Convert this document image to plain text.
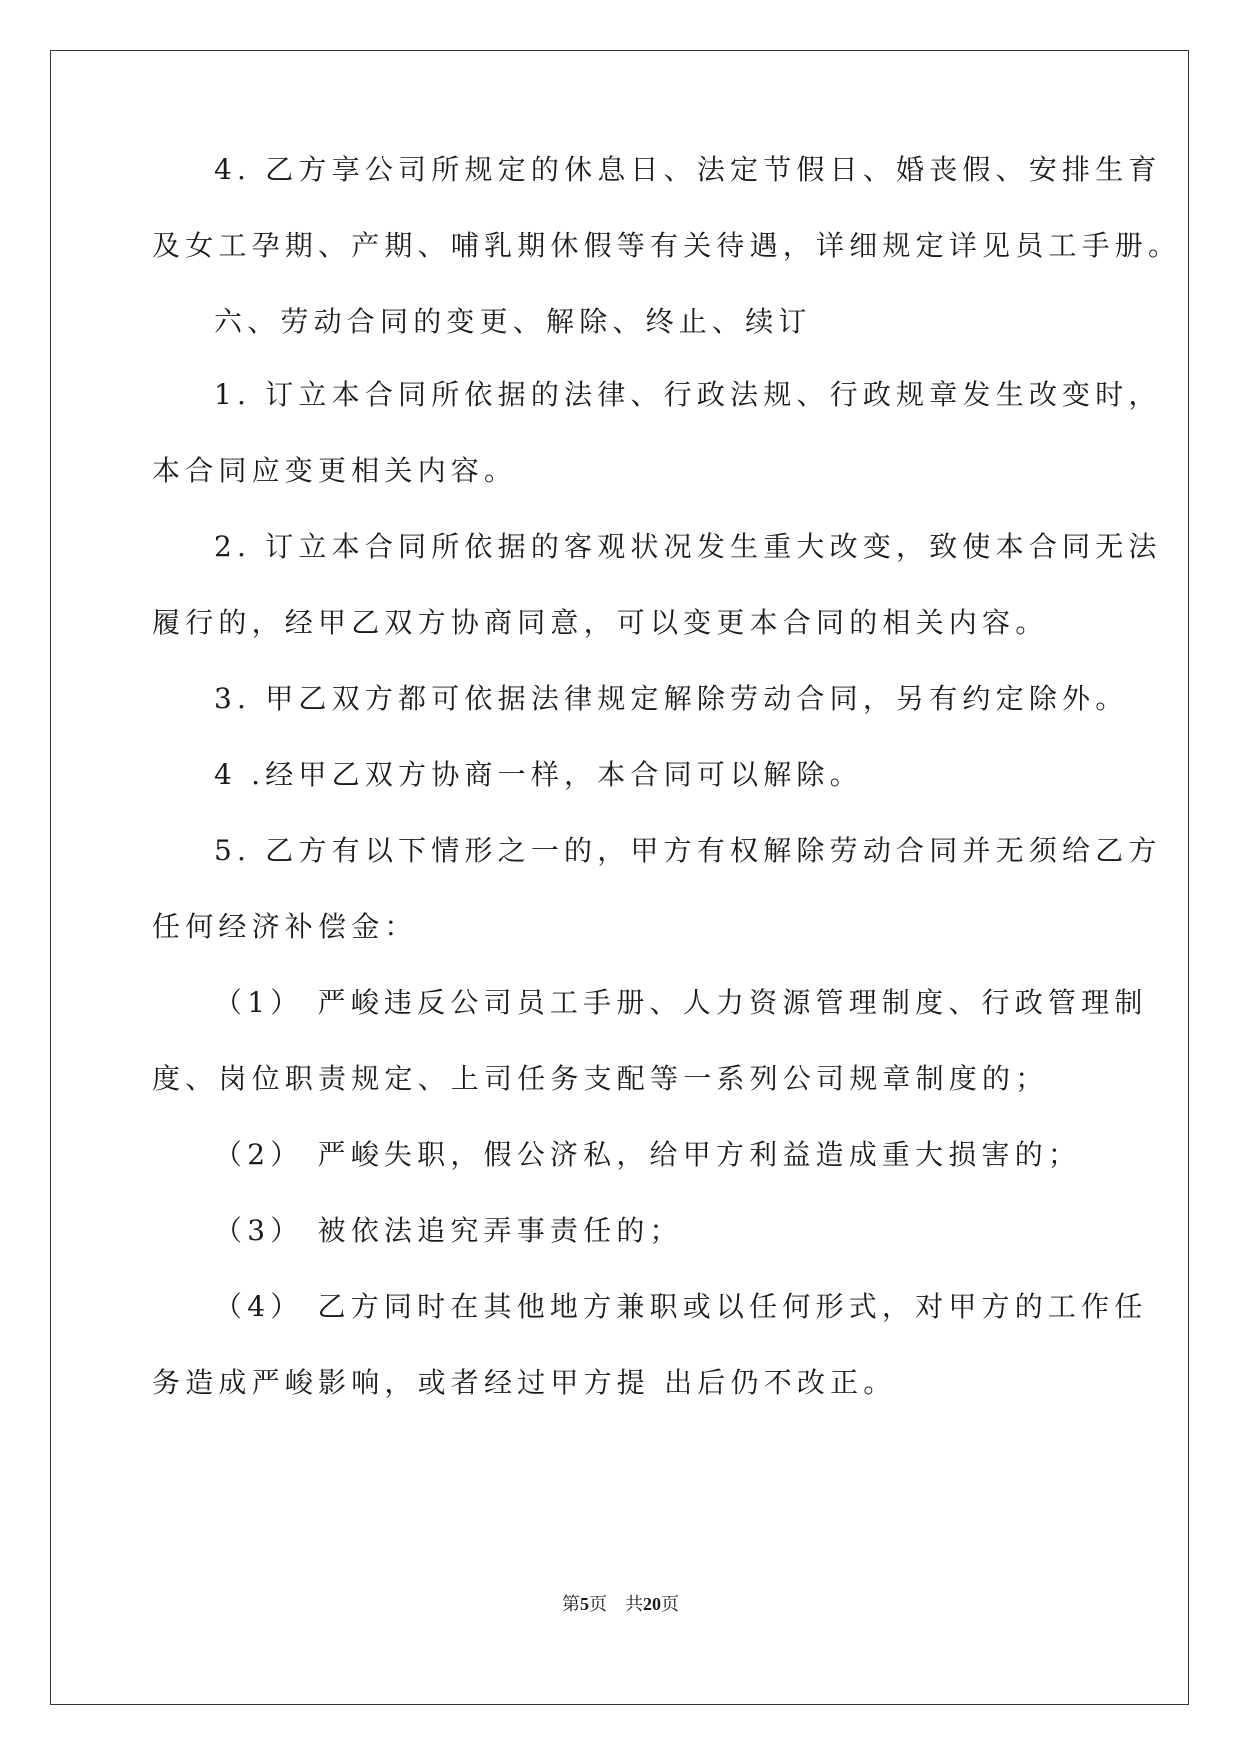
4. 乙方享公司所规定的休息日、法定节假日、婚丧假、安排生育

及女工孕期、产期、哺乳期休假等有关待遇，详细规定详见员工手册。

六、劳动合同的变更、解除、终止、续订

1. 订立本合同所依据的法律、行政法规、行政规章发生改变时，

本合同应变更相关内容。

2. 订立本合同所依据的客观状况发生重大改变，致使本合同无法

履行的，经甲乙双方协商同意，可以变更本合同的相关内容。

3. 甲乙双方都可依据法律规定解除劳动合同，另有约定除外。

4 .经甲乙双方协商一样，本合同可以解除。

5. 乙方有以下情形之一的，甲方有权解除劳动合同并无须给乙方

任何经济补偿金：

（1） 严峻违反公司员工手册、人力资源管理制度、行政管理制

度、岗位职责规定、上司任务支配等一系列公司规章制度的；

（2） 严峻失职，假公济私，给甲方利益造成重大损害的；

（3） 被依法追究弄事责任的；

（4） 乙方同时在其他地方兼职或以任何形式，对甲方的工作任

务造成严峻影响，或者经过甲方提 出后仍不改正。

第5页 共20页
